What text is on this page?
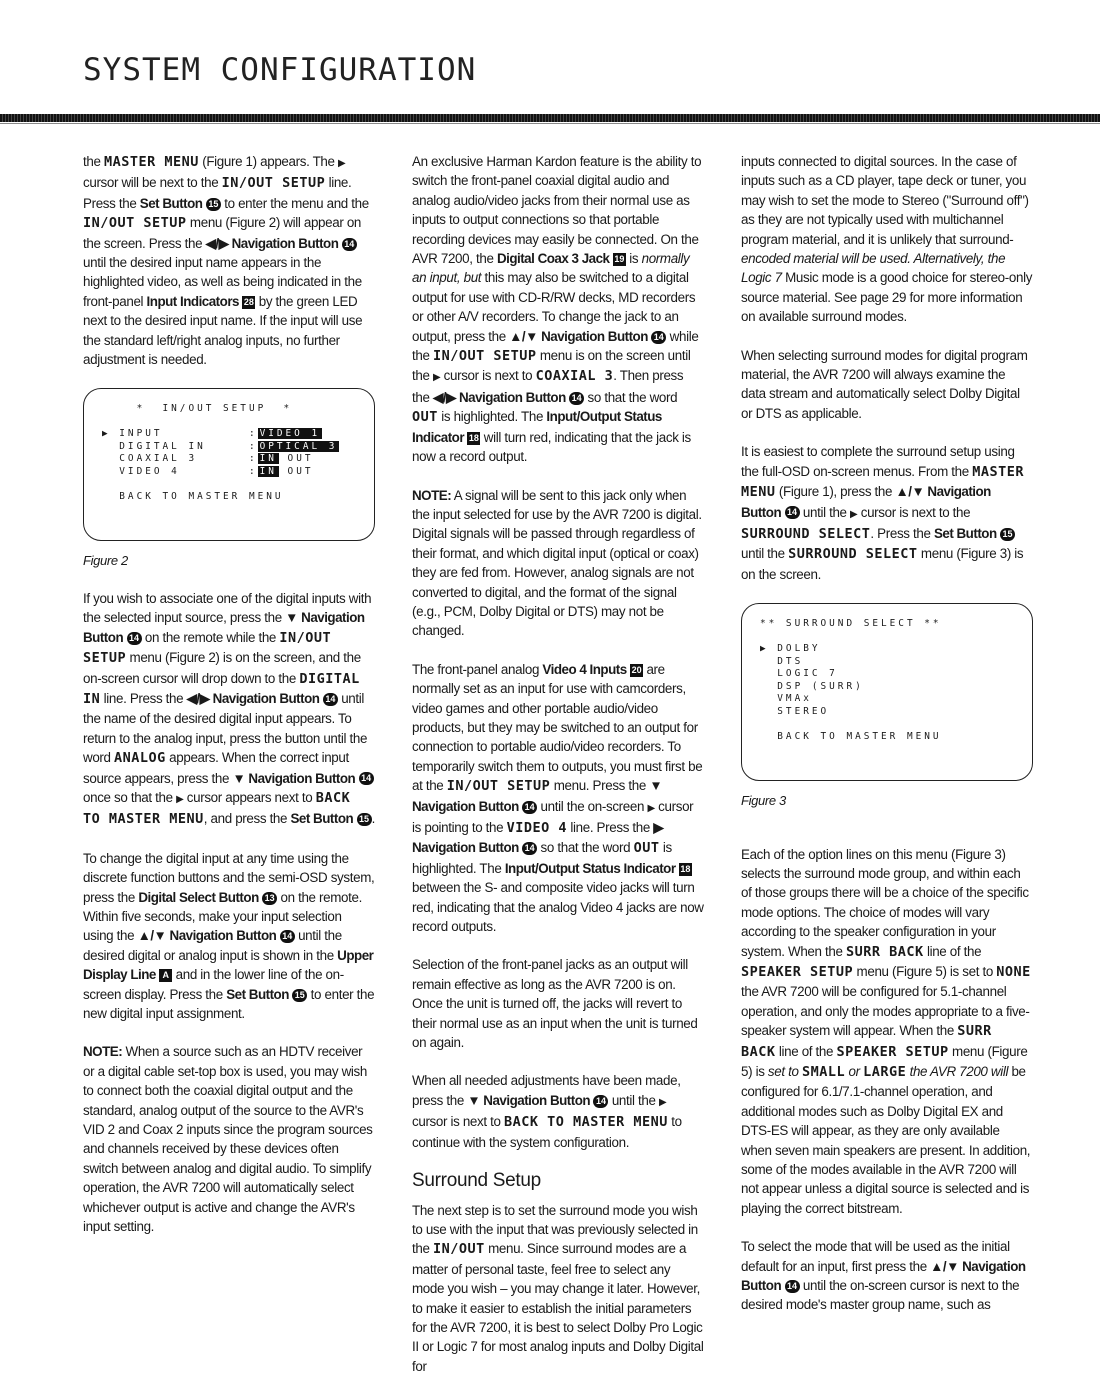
SYSTEM CONFIGURATION

the MASTER MENU (Figure 1) appears. The ▶ cursor will be next to the IN/OUT SETUP line. Press the Set Button 15 to enter the menu and the IN/OUT SETUP menu (Figure 2) will appear on the screen. Press the ◀/▶ Navigation Button 14 until the desired input name appears in the highlighted video, as well as being indicated in the front-panel Input Indicators 28 by the green LED next to the desired input name. If the input will use the standard left/right analog inputs, no further adjustment is needed.

*  IN/OUT SETUP  *
▶ INPUT          : VIDEO 1
DIGITAL IN     : OPTICAL 3
COAXIAL 3      : IN OUT
VIDEO 4        : IN OUT
BACK TO MASTER MENU
Figure 2

If you wish to associate one of the digital inputs with the selected input source, press the ▼ Navigation Button 14 on the remote while the IN/OUT SETUP menu (Figure 2) is on the screen, and the on-screen cursor will drop down to the DIGITAL IN line. Press the ◀/▶ Navigation Button 14 until the name of the desired digital input appears. To return to the analog input, press the button until the word ANALOG appears. When the correct input source appears, press the ▼ Navigation Button 14 once so that the ▶ cursor appears next to BACK TO MASTER MENU, and press the Set Button 15 .

To change the digital input at any time using the discrete function buttons and the semi-OSD system, press the Digital Select Button 13 on the remote. Within five seconds, make your input selection using the ▲/▼ Navigation Button 14 until the desired digital or analog input is shown in the Upper Display Line A and in the lower line of the on-screen display. Press the Set Button 15 to enter the new digital input assignment.

NOTE: When a source such as an HDTV receiver or a digital cable set-top box is used, you may wish to connect both the coaxial digital output and the standard, analog output of the source to the AVR's VID 2 and Coax 2 inputs since the program sources and channels received by these devices often switch between analog and digital audio. To simplify operation, the AVR 7200 will automatically select whichever output is active and change the AVR's input setting.

An exclusive Harman Kardon feature is the ability to switch the front-panel coaxial digital audio and analog audio/video jacks from their normal use as inputs to output connections so that portable recording devices may easily be connected. On the AVR 7200, the Digital Coax 3 Jack 19 is normally an input, but this may also be switched to a digital output for use with CD-R/RW decks, MD recorders or other A/V recorders. To change the jack to an output, press the ▲/▼ Navigation Button 14 while the IN/OUT SETUP menu is on the screen until the ▶ cursor is next to COAXIAL 3. Then press the ◀/▶ Navigation Button 14 so that the word OUT is highlighted. The Input/Output Status Indicator 18 will turn red, indicating that the jack is now a record output.

NOTE: A signal will be sent to this jack only when the input selected for use by the AVR 7200 is digital. Digital signals will be passed through regardless of their format, and which digital input (optical or coax) they are fed from. However, analog signals are not converted to digital, and the format of the signal (e.g., PCM, Dolby Digital or DTS) may not be changed.

The front-panel analog Video 4 Inputs 20 are normally set as an input for use with camcorders, video games and other portable audio/video products, but they may be switched to an output for connection to portable audio/video recorders. To temporarily switch them to outputs, you must first be at the IN/OUT SETUP menu. Press the ▼ Navigation Button 14 until the on-screen ▶ cursor is pointing to the VIDEO 4 line. Press the ▶ Navigation Button 14 so that the word OUT is highlighted. The Input/Output Status Indicator 18 between the S- and composite video jacks will turn red, indicating that the analog Video 4 jacks are now record outputs.

Selection of the front-panel jacks as an output will remain effective as long as the AVR 7200 is on. Once the unit is turned off, the jacks will revert to their normal use as an input when the unit is turned on again.

When all needed adjustments have been made, press the ▼ Navigation Button 14 until the ▶ cursor is next to BACK TO MASTER MENU to continue with the system configuration.

Surround Setup

The next step is to set the surround mode you wish to use with the input that was previously selected in the IN/OUT menu. Since surround modes are a matter of personal taste, feel free to select any mode you wish – you may change it later. However, to make it easier to establish the initial parameters for the AVR 7200, it is best to select Dolby Pro Logic II or Logic 7 for most analog inputs and Dolby Digital for

inputs connected to digital sources. In the case of inputs such as a CD player, tape deck or tuner, you may wish to set the mode to Stereo ("Surround off") as they are not typically used with multichannel program material, and it is unlikely that surround-encoded material will be used. Alternatively, the Logic 7 Music mode is a good choice for stereo-only source material. See page 29 for more information on available surround modes.

When selecting surround modes for digital program material, the AVR 7200 will always examine the data stream and automatically select Dolby Digital or DTS as applicable.

It is easiest to complete the surround setup using the full-OSD on-screen menus. From the MASTER MENU (Figure 1), press the ▲/▼ Navigation Button 14 until the ▶ cursor is next to the SURROUND SELECT. Press the Set Button 15 until the SURROUND SELECT menu (Figure 3) is on the screen.

** SURROUND SELECT **
▶ DOLBY
DTS
LOGIC 7
DSP (SURR)
VMAx
STEREO
BACK TO MASTER MENU
Figure 3

Each of the option lines on this menu (Figure 3) selects the surround mode group, and within each of those groups there will be a choice of the specific mode options. The choice of modes will vary according to the speaker configuration in your system. When the SURR BACK line of the SPEAKER SETUP menu (Figure 5) is set to NONE the AVR 7200 will be configured for 5.1-channel operation, and only the modes appropriate to a five-speaker system will appear. When the SURR BACK line of the SPEAKER SETUP menu (Figure 5) is set to SMALL or LARGE the AVR 7200 will be configured for 6.1/7.1-channel operation, and additional modes such as Dolby Digital EX and DTS-ES will appear, as they are only available when seven main speakers are present. In addition, some of the modes available in the AVR 7200 will not appear unless a digital source is selected and is playing the correct bitstream.

To select the mode that will be used as the initial default for an input, first press the ▲/▼ Navigation Button 14 until the on-screen cursor is next to the desired mode's master group name, such as
